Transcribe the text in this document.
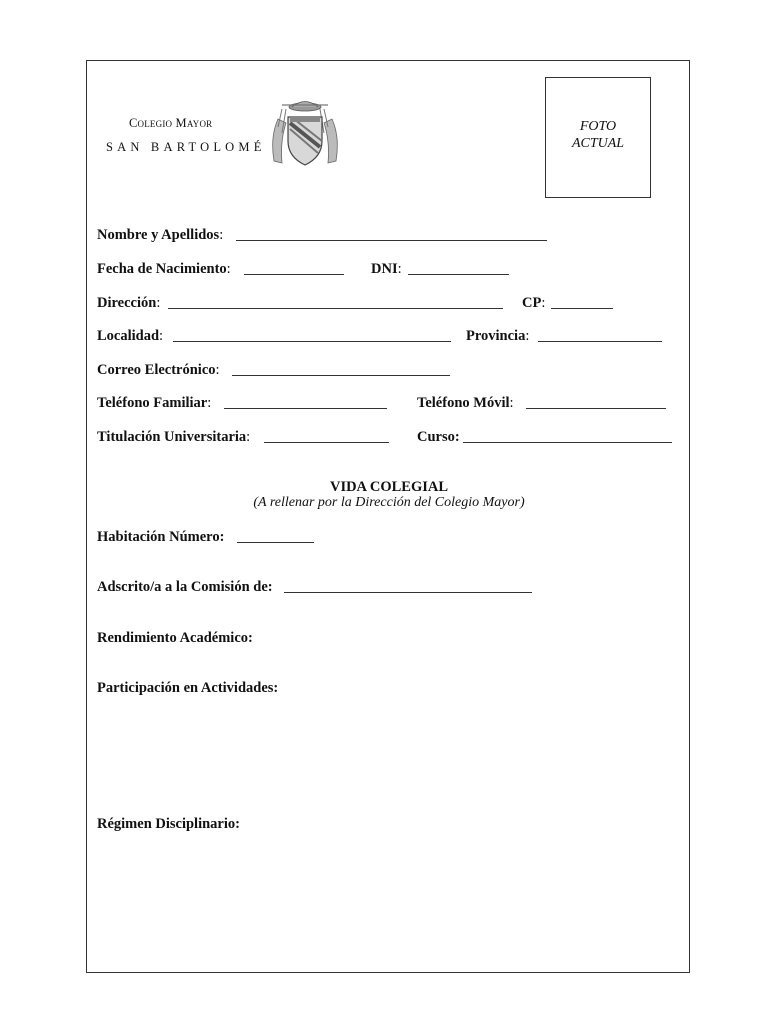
Colegio Mayor
SAN BARTOLOMÉ
FOTO
ACTUAL
Nombre y Apellidos:
Fecha de Nacimiento:	DNI:
Dirección:	CP:
Localidad:	Provincia:
Correo Electrónico:
Teléfono Familiar:	Teléfono Móvil:
Titulación Universitaria:	Curso:
VIDA COLEGIAL
(A rellenar por la Dirección del Colegio Mayor)
Habitación Número:
Adscrito/a a la Comisión de:
Rendimiento Académico:
Participación en Actividades:
Régimen Disciplinario:
